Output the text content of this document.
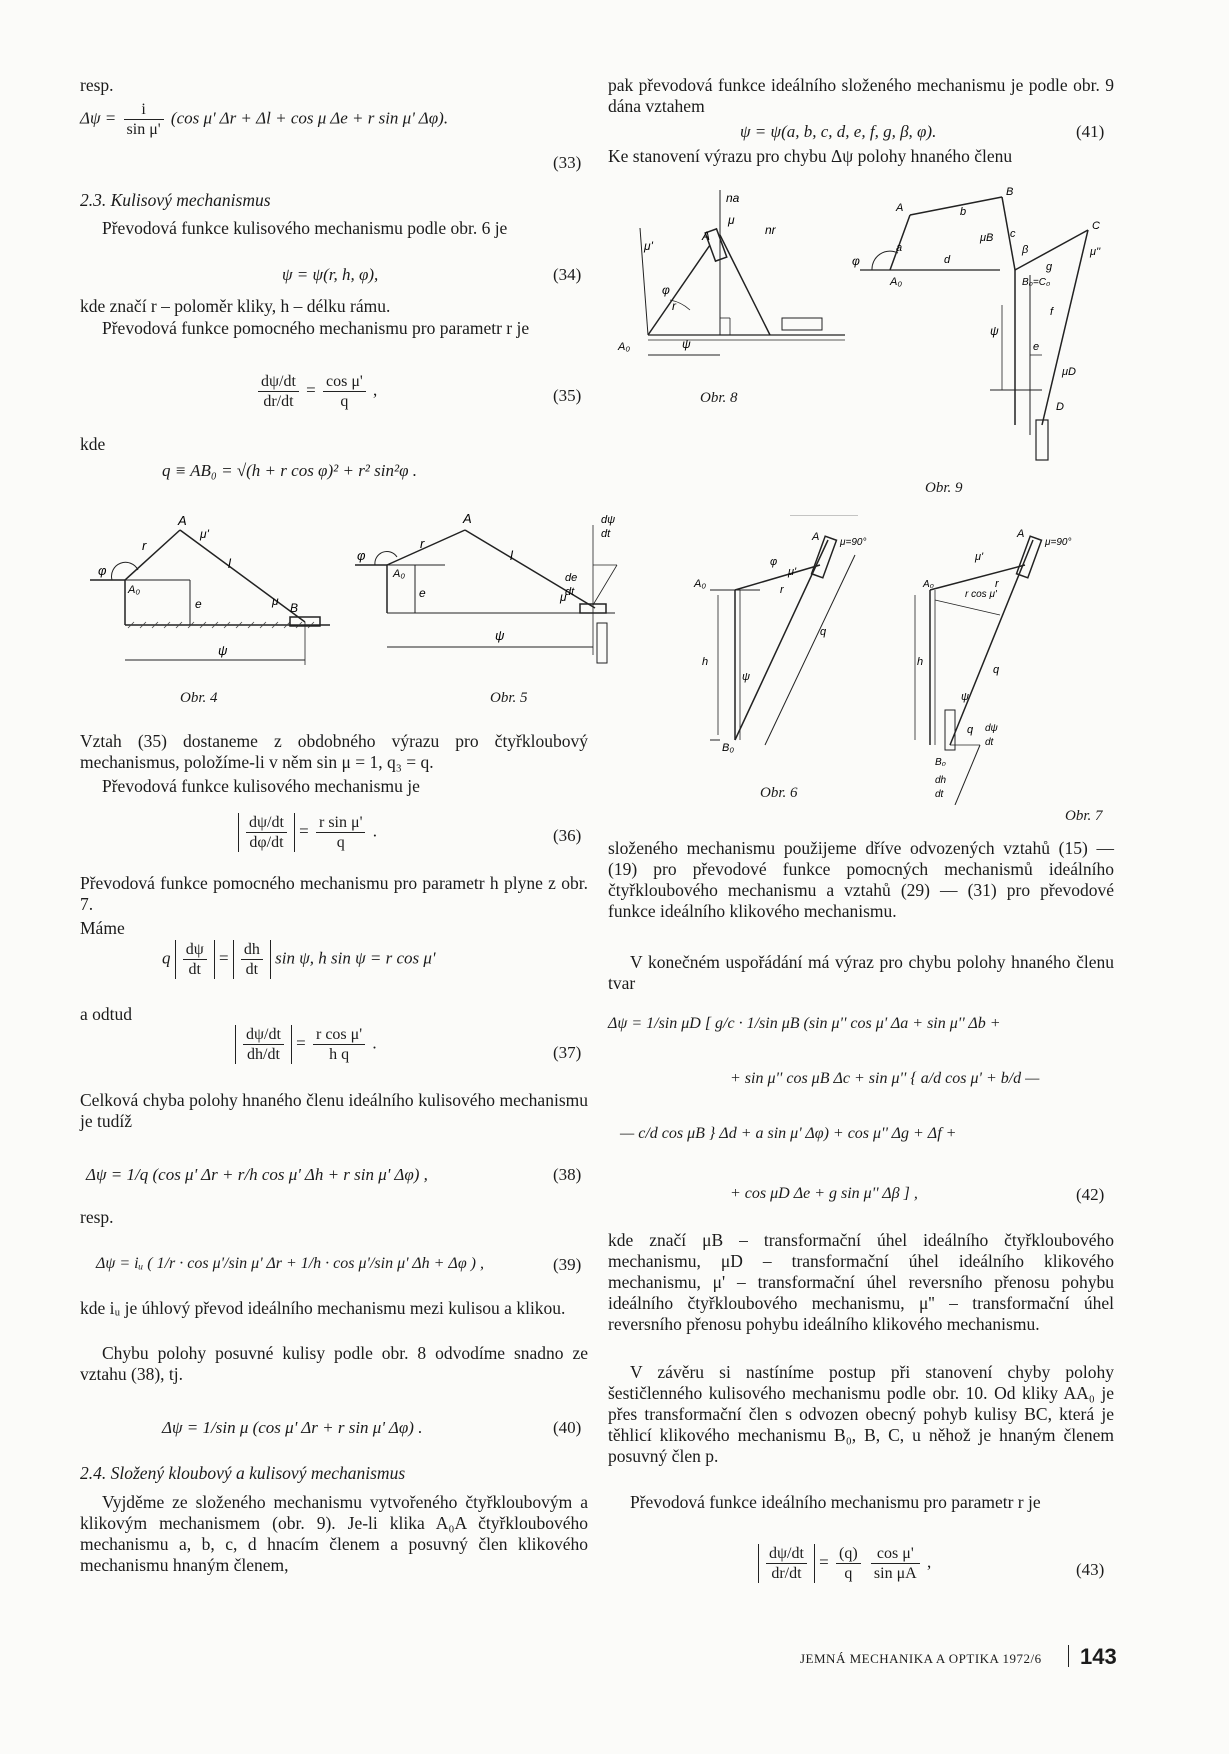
resp.
$\Delta\psi = \frac{i}{\text{sin μ'}} (\cos$ μ' Δr + Δl + cos μ Δe + r sin μ' Δφ).
(33)
2.3. Kulisový mechanismus
Převodová funkce kulisového mechanismu podle obr. 6 je
ψ = ψ(r, h, φ),	(34)
kde značí r – poloměr kliky, h – délku rámu.
Převodová funkce pomocného mechanismu pro parametr r je
$\frac{d\psi/dt}{dr/dt} = \frac{\text{cos μ'}}{q}$ ,	(35)
kde
q ≡ AB₀ = √(h + r cos φ)² + r² sin²φ .
φ
A₀
A
r
l
e
μ'
μ B
ψ
φ
A₀
A
r
l
e	μ
de
dt
dψ
dt
ψ
Obr. 4	Obr. 5
Vztah (35) dostaneme z obdobného výrazu pro čtyřkloubový mechanismus, položíme-li v něm sin μ = 1, q₃ = q.
Převodová funkce kulisového mechanismu je
$\frac{d\psi/dt}{d\varphi/dt} = \frac{\text{r sin μ'}}{q}$ .	(36)
Převodová funkce pomocného mechanismu pro parametr h plyne z obr. 7.
Máme
q $\frac{d\psi}{dt} = \frac{dh}{dt}$ sin ψ, h sin ψ = r cos μ'
a odtud
$\frac{d\psi/dt}{dh/dt} = \frac{\text{r cos μ'}}{\text{h q}}$ .
(37)
Celková chyba polohy hnaného členu ideálního kulisového mechanismu je tudíž
Δψ = 1/q (cos μ' Δr + r/h cos μ' Δh + r sin μ' Δφ) ,	(38)
resp.
Δψ = iᵤ ( 1/r · cos μ'/sin μ' Δr + 1/h · cos μ'/sin μ' Δh + Δφ ) ,	(39)
kde iᵤ je úhlový převod ideálního mechanismu mezi kulisou a klikou.
Chybu polohy posuvné kulisy podle obr. 8 odvodíme snadno ze vztahu (38), tj.
Δψ = 1/sin μ (cos μ' Δr + r sin μ' Δφ) .	(40)
2.4. Složený kloubový a kulisový mechanismus
Vyjděme ze složeného mechanismu vytvořeného čtyřkloubovým a klikovým mechanismem (obr. 9). Je-li klika A₀A čtyřkloubového mechanismu a, b, c, d hnacím členem a posuvný člen klikového mechanismu hnaným členem,
pak převodová funkce ideálního složeného mechanismu je podle obr. 9 dána vztahem
ψ = ψ(a, b, c, d, e, f, g, β, φ).	(41)
Ke stanovení výrazu pro chybu Δψ polohy hnaného členu
na
μ
nr
μ'
A
φ
r
A₀	ψ
φ
A
a
A₀
b
B
c
μB
β
d
B₀=C₀
C
μ''
f
g
e
ψ
μD
D
Obr. 8
Obr. 9
A₀
A
φ
μ'
r
μ=90°
h
ψ
q
B₀
A₀
A
μ'
r cos μ'
r
μ=90°
h
ψ
q
q dψ
dt
B₀
dh
dt
Obr. 6
Obr. 7
složeného mechanismu použijeme dříve odvozených vztahů (15) — (19) pro převodové funkce pomocných mechanismů ideálního čtyřkloubového mechanismu a vztahů (29) — (31) pro převodové funkce ideálního klikového mechanismu.
V konečném uspořádání má výraz pro chybu polohy hnaného členu tvar
Δψ = 1/sin μD [ g/c · 1/sin μB (sin μ'' cos μ' Δa + sin μ'' Δb +
+ sin μ'' cos μB Δc + sin μ'' { a/d cos μ' + b/d —
— c/d cos μB } Δd + a sin μ' Δφ) + cos μ'' Δg + Δf +
+ cos μD Δe + g sin μ'' Δβ ] ,	(42)
kde značí μB – transformační úhel ideálního čtyřkloubového mechanismu, μD – transformační úhel ideálního klikového mechanismu, μ' – transformační úhel reversního přenosu pohybu ideálního čtyřkloubového mechanismu, μ'' – transformační úhel reversního přenosu pohybu ideálního klikového mechanismu.
V závěru si nastíníme postup při stanovení chyby polohy šestičlenného kulisového mechanismu podle obr. 10. Od kliky AA₀ je přes transformační člen s odvozen obecný pohyb kulisy BC, která je těhlicí klikového mechanismu B₀, B, C, u něhož je hnaným členem posuvný člen p.
Převodová funkce ideálního mechanismu pro parametr r je
$\frac{d\psi/dt}{dr/dt} = \frac{(q)}{q}$
$\frac{\text{cos μ'}}{\text{sin μA}}$ ,	(43)
JEMNÁ MECHANIKA A OPTIKA 1972/6 143
